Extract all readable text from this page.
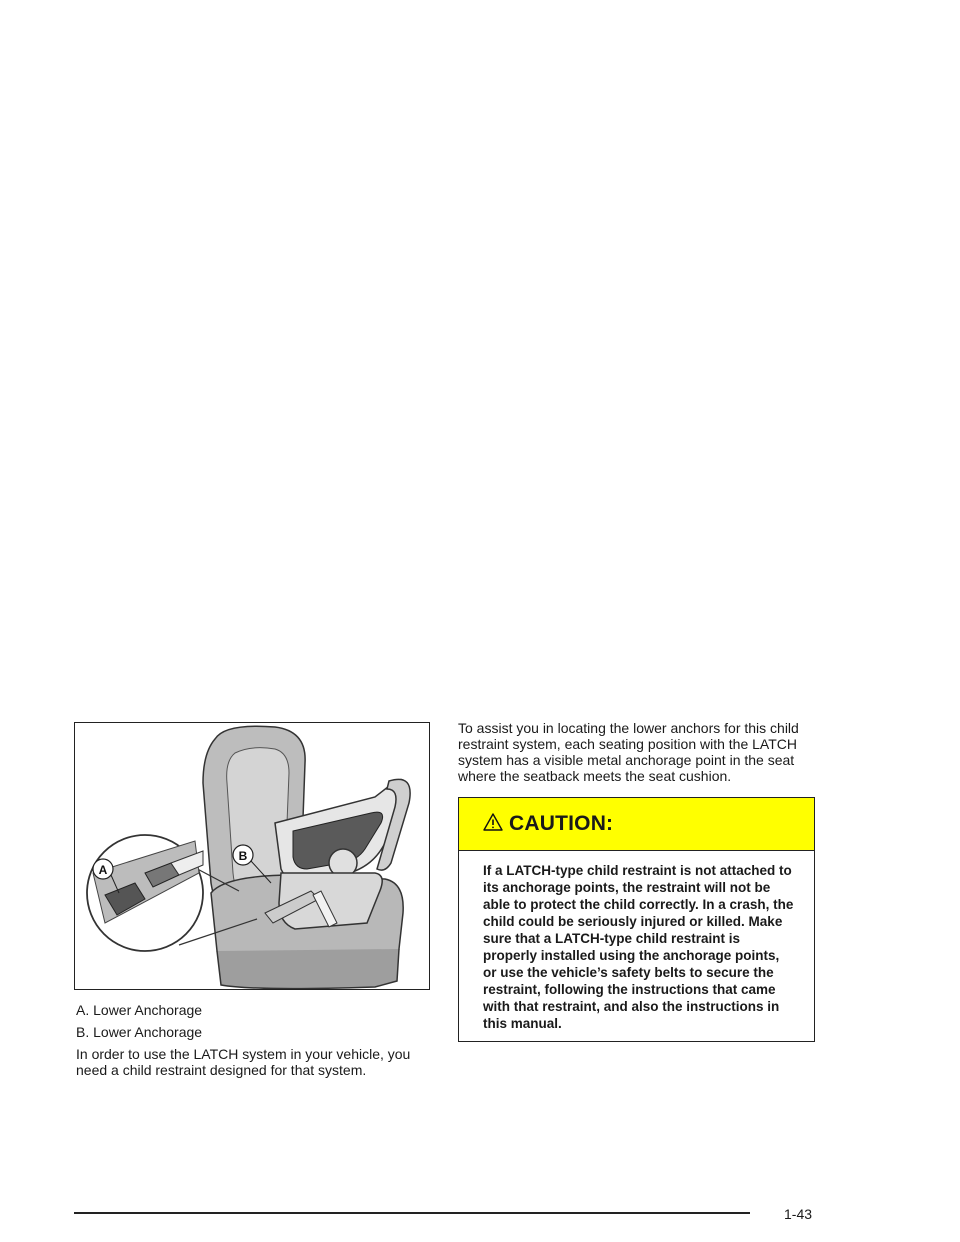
A
B

A. Lower Anchorage

B. Lower Anchorage

In order to use the LATCH system in your vehicle, you need a child restraint designed for that system.

To assist you in locating the lower anchors for this child restraint system, each seating position with the LATCH system has a visible metal anchorage point in the seat where the seatback meets the seat cushion.

CAUTION:

If a LATCH-type child restraint is not attached to its anchorage points, the restraint will not be able to protect the child correctly. In a crash, the child could be seriously injured or killed. Make sure that a LATCH-type child restraint is properly installed using the anchorage points, or use the vehicle’s safety belts to secure the restraint, following the instructions that came with that restraint, and also the instructions in this manual.

1-43
